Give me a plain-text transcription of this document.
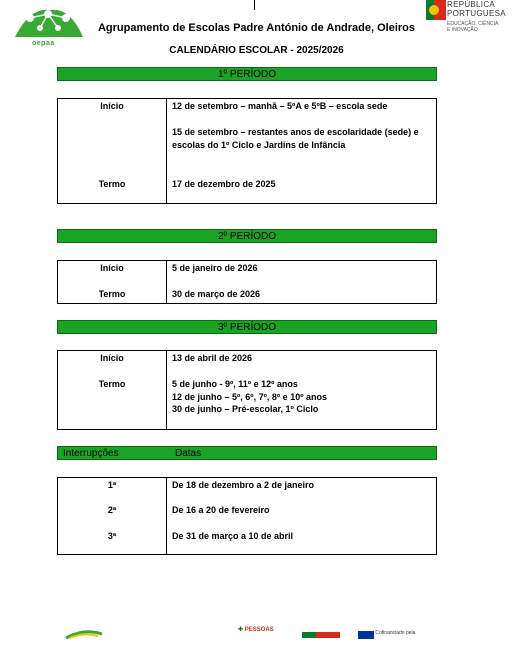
oepaa
REPÚBLICA
PORTUGUESA
EDUCAÇÃO, CIÊNCIA
E INOVAÇÃO
Agrupamento de Escolas Padre António de Andrade, Oleiros
CALENDÁRIO ESCOLAR - 2025/2026
1º PERÍODO
Início	12 de setembro – manhã – 5ºA e 5ºB – escola sede
15 de setembro – restantes anos de escolaridade (sede) e
escolas do 1º Ciclo e Jardins de Infância
Termo	17 de dezembro de 2025
2º PERÍODO
Início	5 de janeiro de 2026
Termo	30 de março de 2026
3º PERÍODO
Início	13 de abril de 2026
Termo	5 de junho - 9º, 11º e 12º anos
12 de junho – 5º, 6º, 7º, 8º e 10º anos
30 de junho – Pré-escolar, 1º Ciclo
Interrupções	Datas
1ª	De 18 de dezembro a 2 de janeiro
2ª	De 16 a 20 de fevereiro
3ª	De 31 de março a 10 de abril
✚ PESSOAS	Cofinanciado pela
